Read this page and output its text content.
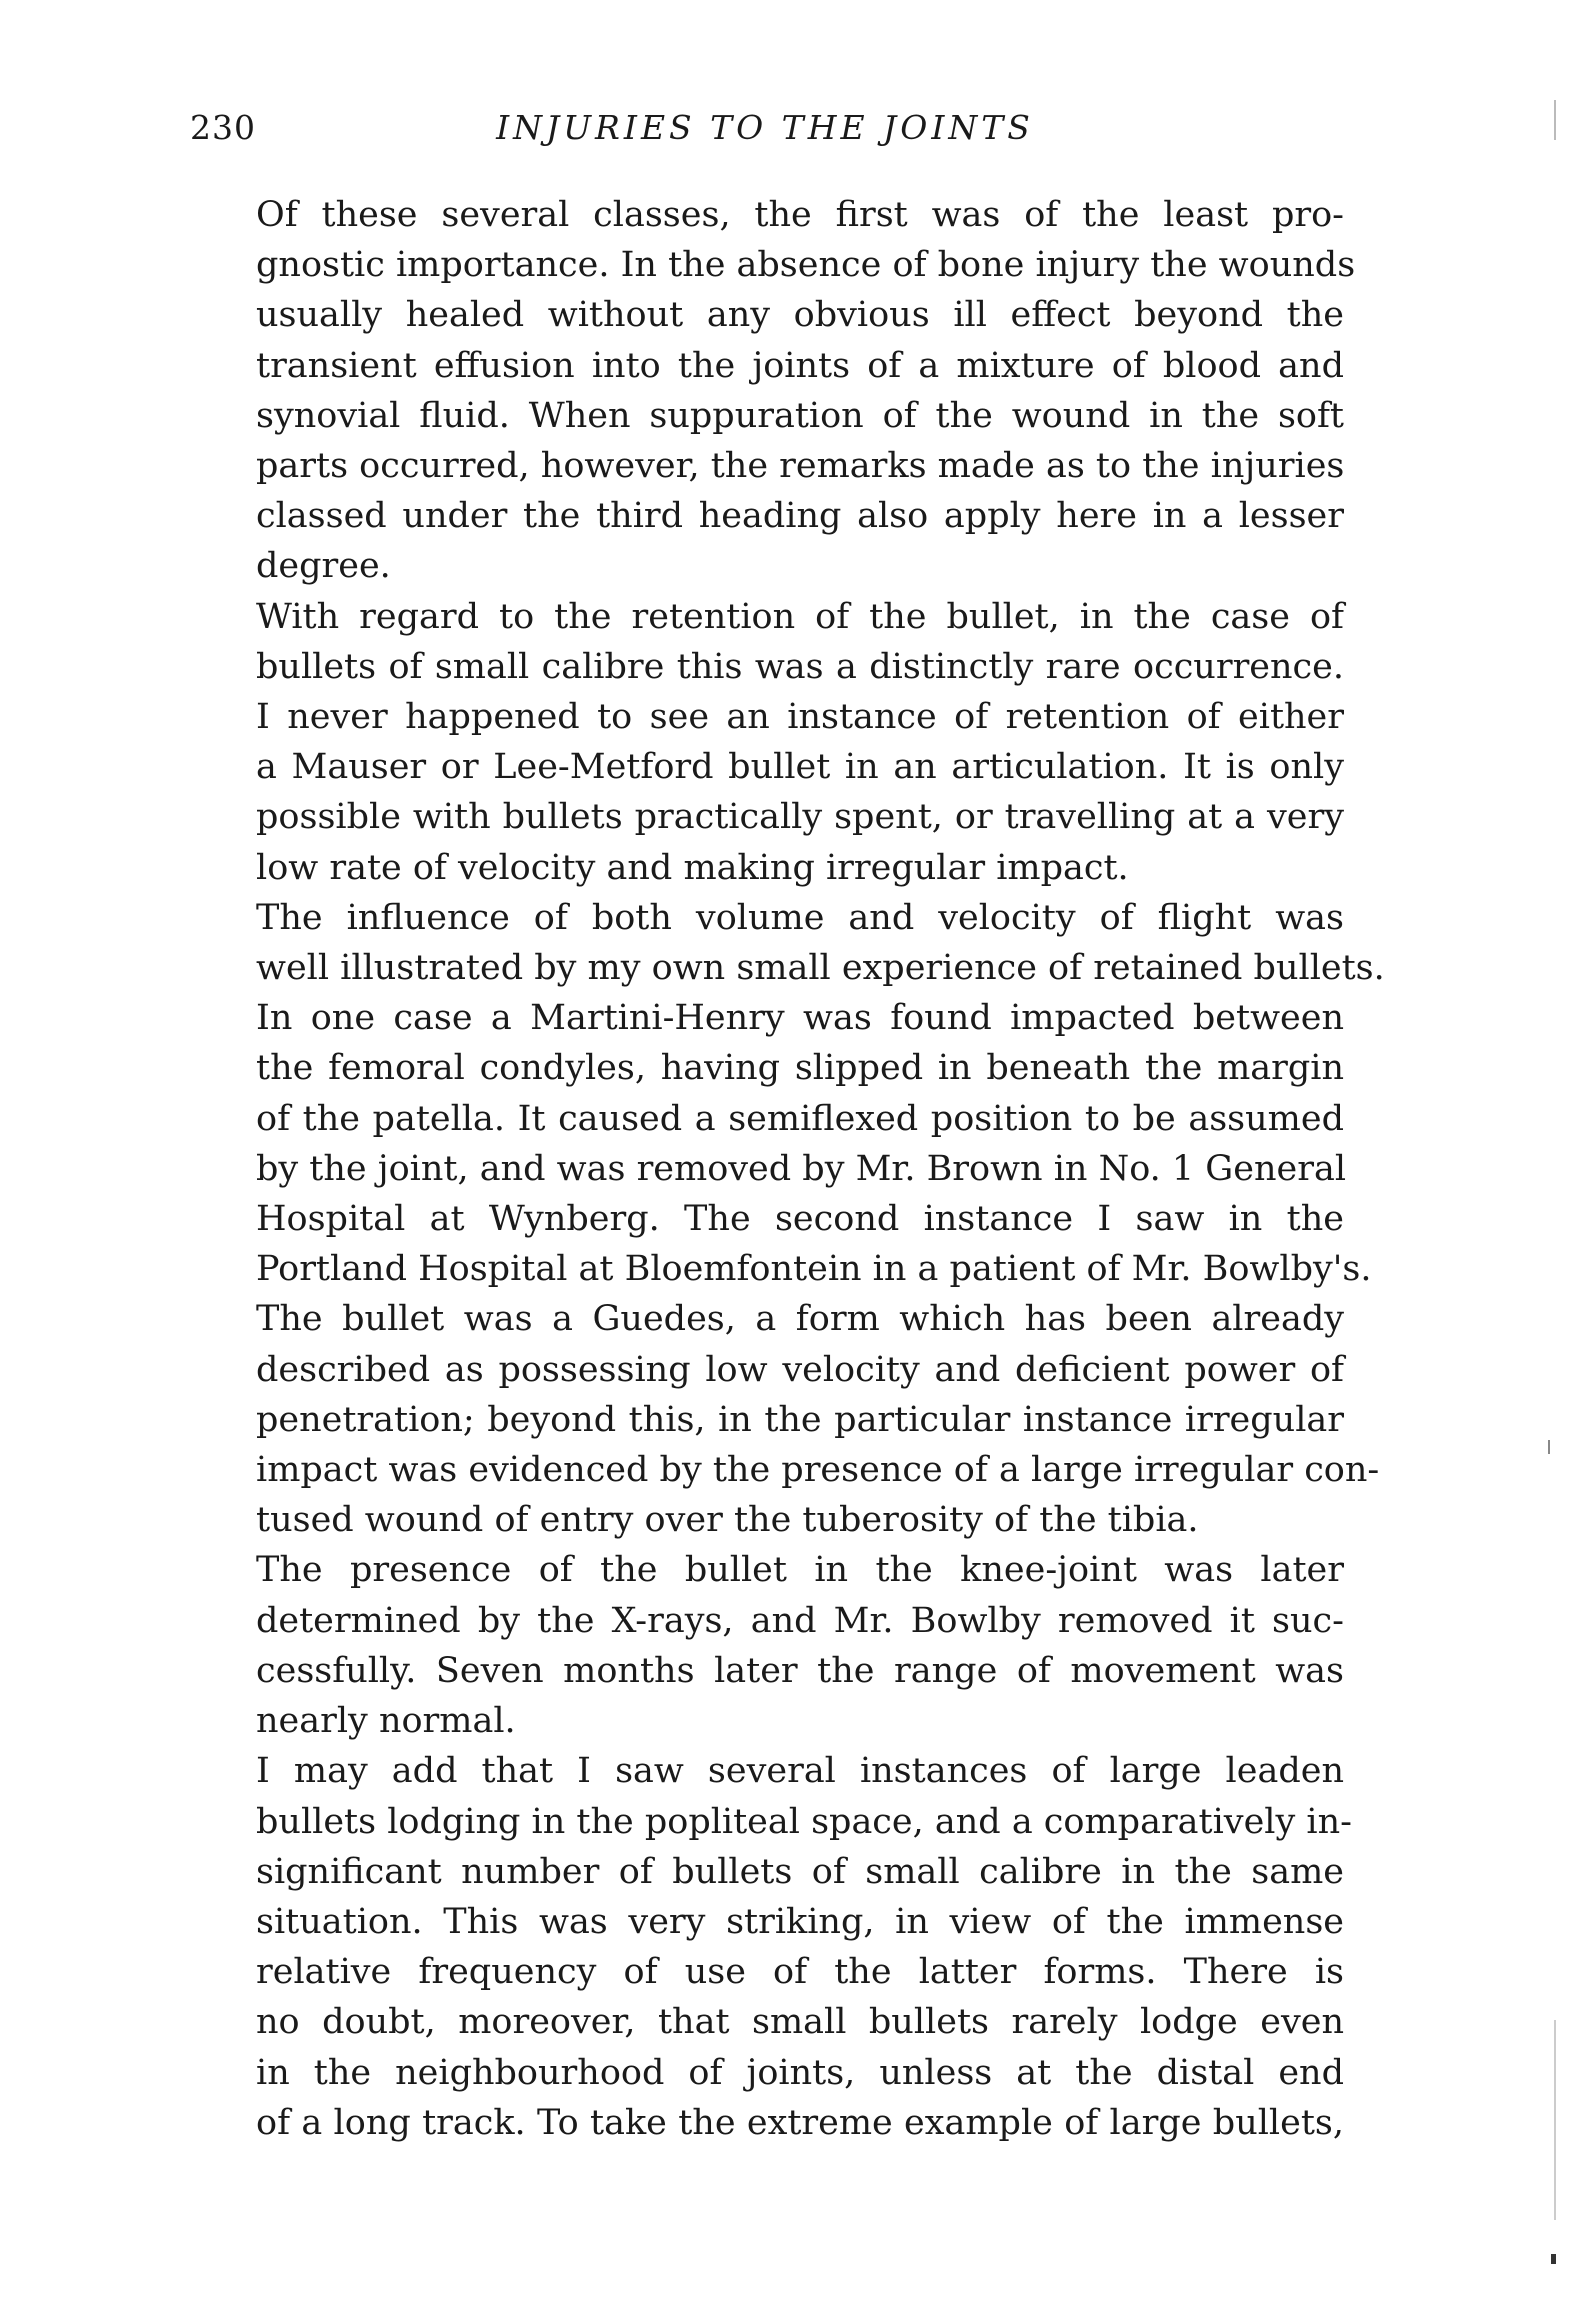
230	INJURIES TO THE JOINTS

Of these several classes, the first was of the least pro-
gnostic importance. In the absence of bone injury the wounds
usually healed without any obvious ill effect beyond the
transient effusion into the joints of a mixture of blood and
synovial fluid. When suppuration of the wound in the soft
parts occurred, however, the remarks made as to the injuries
classed under the third heading also apply here in a lesser
degree.

With regard to the retention of the bullet, in the case of
bullets of small calibre this was a distinctly rare occurrence.
I never happened to see an instance of retention of either
a Mauser or Lee-Metford bullet in an articulation. It is only
possible with bullets practically spent, or travelling at a very
low rate of velocity and making irregular impact.

The influence of both volume and velocity of flight was
well illustrated by my own small experience of retained bullets.
In one case a Martini-Henry was found impacted between
the femoral condyles, having slipped in beneath the margin
of the patella. It caused a semiflexed position to be assumed
by the joint, and was removed by Mr. Brown in No. 1 General
Hospital at Wynberg. The second instance I saw in the
Portland Hospital at Bloemfontein in a patient of Mr. Bowlby's.
The bullet was a Guedes, a form which has been already
described as possessing low velocity and deficient power of
penetration; beyond this, in the particular instance irregular
impact was evidenced by the presence of a large irregular con-
tused wound of entry over the tuberosity of the tibia.

The presence of the bullet in the knee-joint was later
determined by the X-rays, and Mr. Bowlby removed it suc-
cessfully. Seven months later the range of movement was
nearly normal.

I may add that I saw several instances of large leaden
bullets lodging in the popliteal space, and a comparatively in-
significant number of bullets of small calibre in the same
situation. This was very striking, in view of the immense
relative frequency of use of the latter forms. There is
no doubt, moreover, that small bullets rarely lodge even
in the neighbourhood of joints, unless at the distal end
of a long track. To take the extreme example of large bullets,
